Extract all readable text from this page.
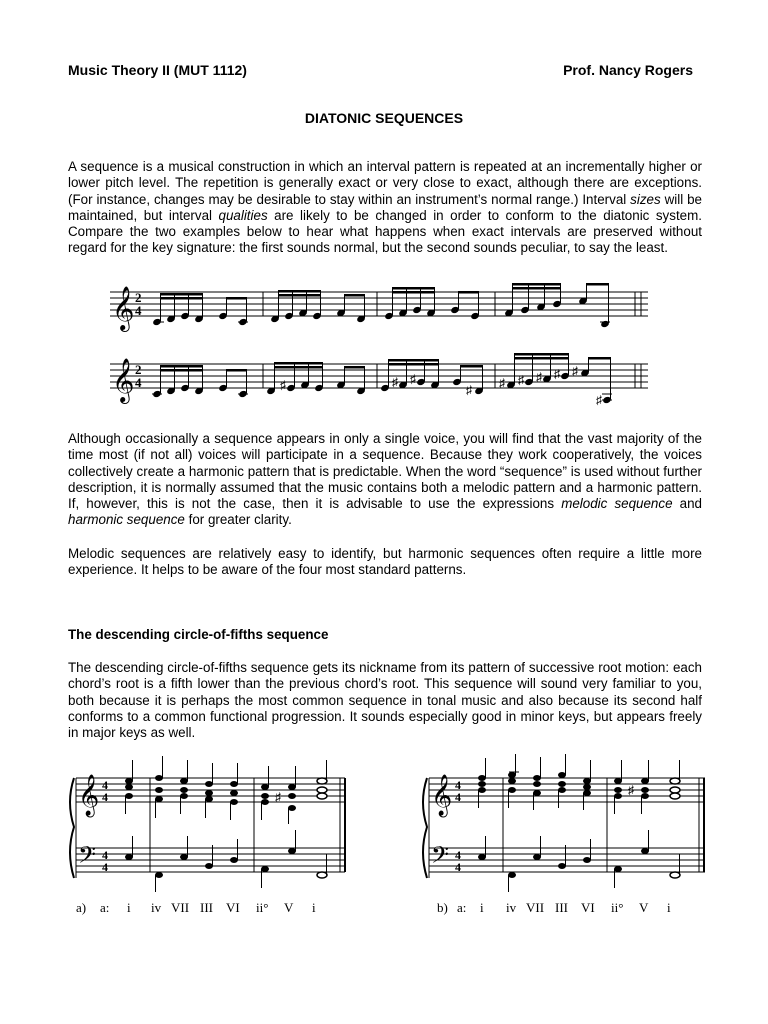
Music Theory II (MUT 1112)	Prof. Nancy Rogers
DIATONIC SEQUENCES
A sequence is a musical construction in which an interval pattern is repeated at an incrementally higher or lower pitch level. The repetition is generally exact or very close to exact, although there are exceptions. (For instance, changes may be desirable to stay within an instrument’s normal range.) Interval sizes will be maintained, but interval qualities are likely to be changed in order to conform to the diatonic system. Compare the two examples below to hear what happens when exact intervals are preserved without regard for the key signature: the first sounds normal, but the second sounds peculiar, to say the least.
𝄞 2
4
𝄞 2
4	♯	♯ ♯
♯ ♯ ♯ ♯ ♯ ♯
♯
Although occasionally a sequence appears in only a single voice, you will find that the vast majority of the time most (if not all) voices will participate in a sequence. Because they work cooperatively, the voices collectively create a harmonic pattern that is predictable. When the word “sequence” is used without further description, it is normally assumed that the music contains both a melodic pattern and a harmonic pattern. If, however, this is not the case, then it is advisable to use the expressions melodic sequence and harmonic sequence for greater clarity.
Melodic sequences are relatively easy to identify, but harmonic sequences often require a little more experience. It helps to be aware of the four most standard patterns.
The descending circle-of-fifths sequence
The descending circle-of-fifths sequence gets its nickname from its pattern of successive root motion: each chord’s root is a fifth lower than the previous chord’s root. This sequence will sound very familiar to you, both because it is perhaps the most common sequence in tonal music and also because its second half conforms to a common functional progression. It sounds especially good in minor keys, but appears freely in major keys as well.
𝄞
𝄢
4
4
4
4
♯
a) a: i iv VII III VI ii° V i
𝄞
𝄢
4
4
4
4
♯
b) a: i iv VII III VI ii° V i
